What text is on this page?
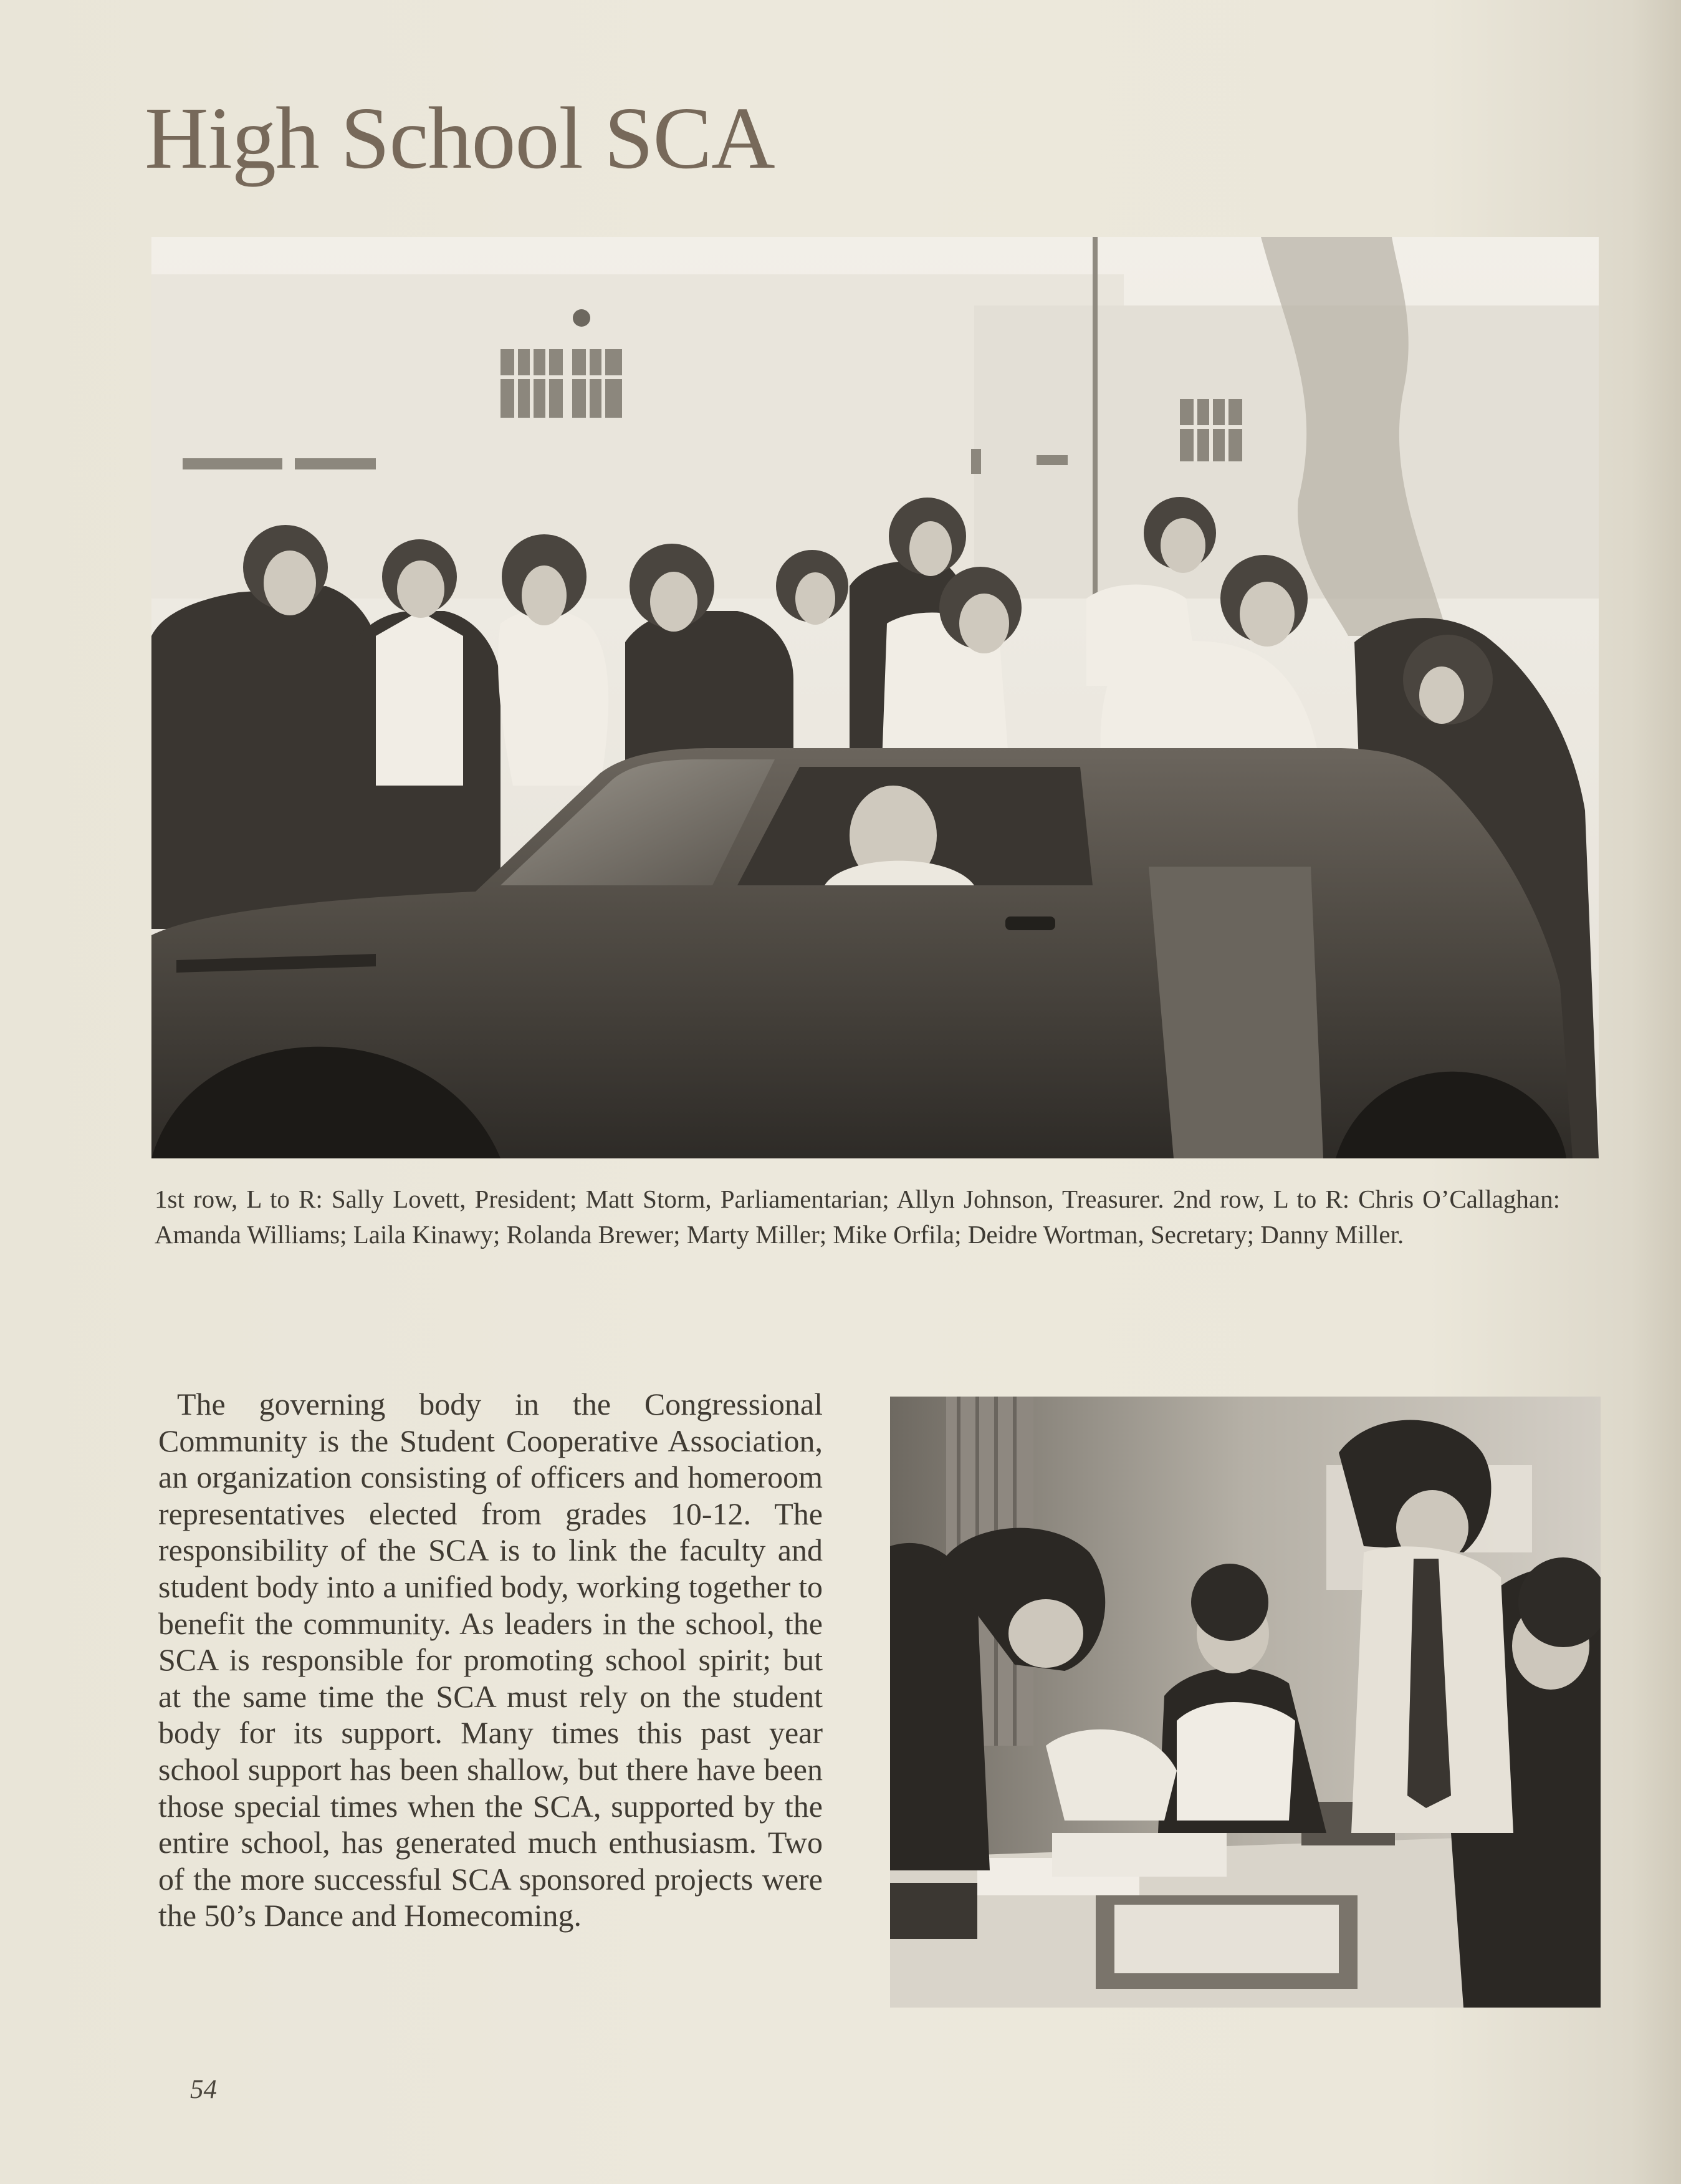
High School SCA

1st row, L to R: Sally Lovett, President; Matt Storm, Parliamentarian; Allyn Johnson, Treasurer. 2nd row, L to R: Chris O’Callaghan: Amanda Williams; Laila Kinawy; Rolanda Brewer; Marty Miller; Mike Orfila; Deidre Wortman, Secretary; Danny Miller.

The governing body in the Congressional Community is the Student Cooperative Association, an organization consisting of officers and homeroom representatives elected from grades 10-12. The responsibility of the SCA is to link the faculty and student body into a unified body, working together to benefit the community. As leaders in the school, the SCA is responsible for promoting school spirit; but at the same time the SCA must rely on the student body for its support. Many times this past year school support has been shallow, but there have been those special times when the SCA, supported by the entire school, has generated much enthusiasm. Two of the more successful SCA sponsored projects were the 50’s Dance and Homecoming.

54
